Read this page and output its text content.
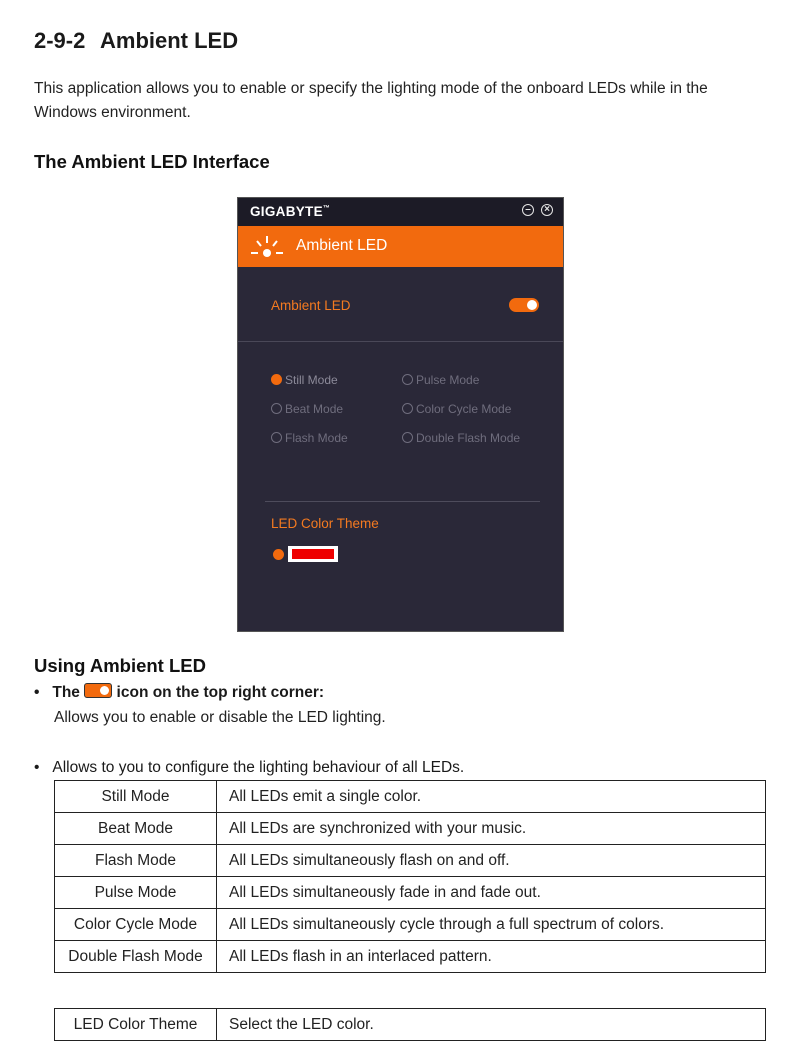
2-9-2 Ambient LED
This application allows you to enable or specify the lighting mode of the onboard LEDs while in the Windows environment.
The Ambient LED Interface
GIGABYTE™	–	×
Ambient LED
Ambient LED
Still Mode	Pulse Mode
Beat Mode	Color Cycle Mode
Flash Mode	Double Flash Mode
LED Color Theme
Using Ambient LED
•   The icon on the top right corner:
Allows you to enable or disable the LED lighting.
•   Allows to you to configure the lighting behaviour of all LEDs.
Still Mode	All LEDs emit a single color.
Beat Mode	All LEDs are synchronized with your music.
Flash Mode	All LEDs simultaneously flash on and off.
Pulse Mode	All LEDs simultaneously fade in and fade out.
Color Cycle Mode	All LEDs simultaneously cycle through a full spectrum of colors.
Double Flash Mode	All LEDs flash in an interlaced pattern.
LED Color Theme	Select the LED color.
